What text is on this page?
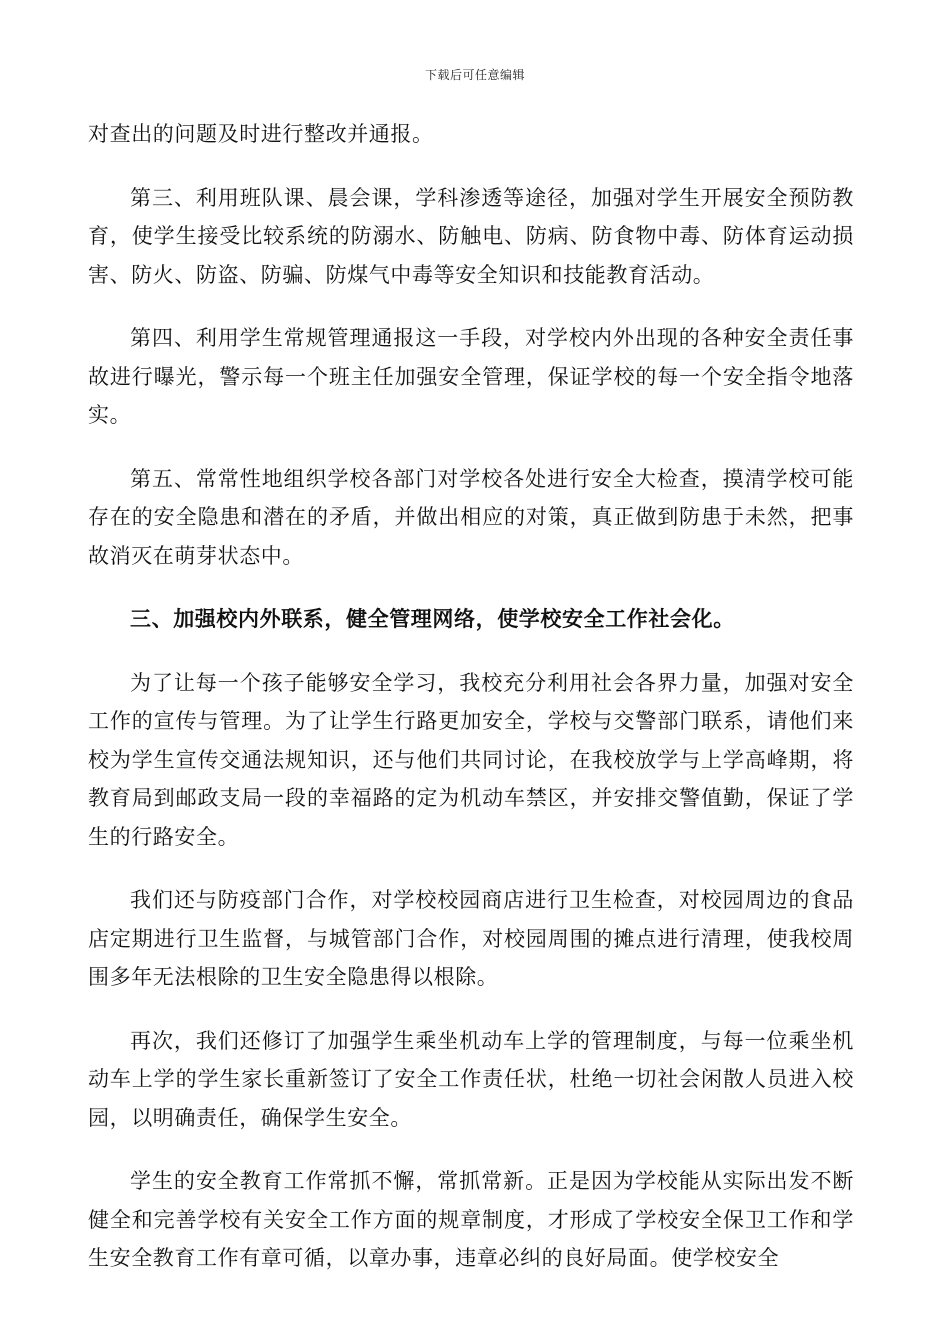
下载后可任意编辑

对查出的问题及时进行整改并通报。

第三、利用班队课、晨会课，学科渗透等途径，加强对学生开展安全预防教育，使学生接受比较系统的防溺水、防触电、防病、防食物中毒、防体育运动损害、防火、防盗、防骗、防煤气中毒等安全知识和技能教育活动。

第四、利用学生常规管理通报这一手段，对学校内外出现的各种安全责任事故进行曝光，警示每一个班主任加强安全管理，保证学校的每一个安全指令地落实。

第五、常常性地组织学校各部门对学校各处进行安全大检查，摸清学校可能存在的安全隐患和潜在的矛盾，并做出相应的对策，真正做到防患于未然，把事故消灭在萌芽状态中。

三、加强校内外联系，健全管理网络，使学校安全工作社会化。

为了让每一个孩子能够安全学习，我校充分利用社会各界力量，加强对安全工作的宣传与管理。为了让学生行路更加安全，学校与交警部门联系，请他们来校为学生宣传交通法规知识，还与他们共同讨论，在我校放学与上学高峰期，将教育局到邮政支局一段的幸福路的定为机动车禁区，并安排交警值勤，保证了学生的行路安全。

我们还与防疫部门合作，对学校校园商店进行卫生检查，对校园周边的食品店定期进行卫生监督，与城管部门合作，对校园周围的摊点进行清理，使我校周围多年无法根除的卫生安全隐患得以根除。

再次，我们还修订了加强学生乘坐机动车上学的管理制度，与每一位乘坐机动车上学的学生家长重新签订了安全工作责任状，杜绝一切社会闲散人员进入校园，以明确责任，确保学生安全。

学生的安全教育工作常抓不懈，常抓常新。正是因为学校能从实际出发不断健全和完善学校有关安全工作方面的规章制度，才形成了学校安全保卫工作和学生安全教育工作有章可循，以章办事，违章必纠的良好局面。使学校安全
